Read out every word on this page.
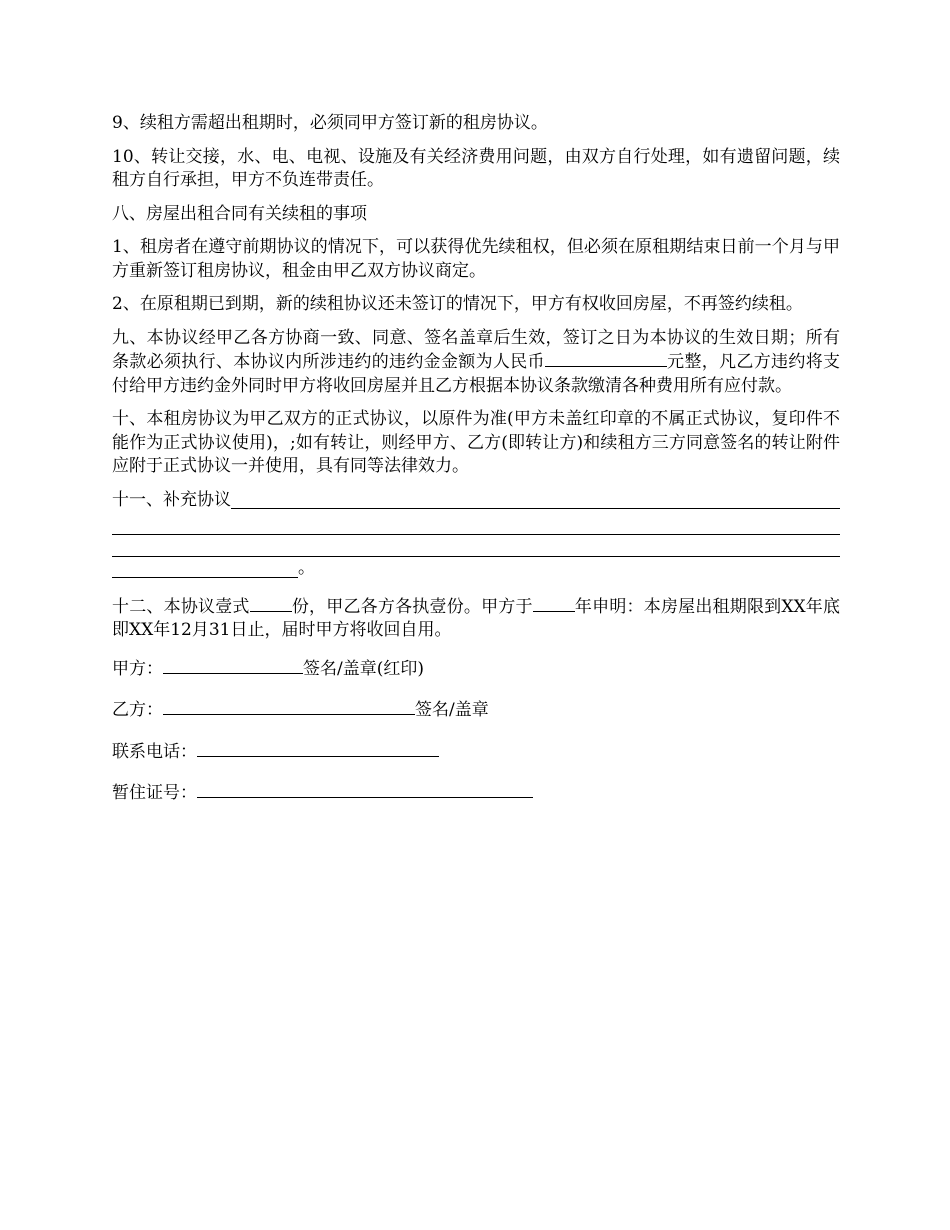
9、续租方需超出租期时，必须同甲方签订新的租房协议。

10、转让交接，水、电、电视、设施及有关经济费用问题，由双方自行处理，如有遗留问题，续租方自行承担，甲方不负连带责任。

八、房屋出租合同有关续租的事项

1、租房者在遵守前期协议的情况下，可以获得优先续租权，但必须在原租期结束日前一个月与甲方重新签订租房协议，租金由甲乙双方协议商定。

2、在原租期已到期，新的续租协议还未签订的情况下，甲方有权收回房屋，不再签约续租。

九、本协议经甲乙各方协商一致、同意、签名盖章后生效，签订之日为本协议的生效日期；所有条款必须执行、本协议内所涉违约的违约金金额为人民币	元整，凡乙方违约将支付给甲方违约金外同时甲方将收回房屋并且乙方根据本协议条款缴清各种费用所有应付款。

十、本租房协议为甲乙双方的正式协议，以原件为准(甲方未盖红印章的不属正式协议，复印件不能作为正式协议使用)，;如有转让，则经甲方、乙方(即转让方)和续租方三方同意签名的转让附件应附于正式协议一并使用，具有同等法律效力。

十一、补充协议
。

十二、本协议壹式 份，甲乙各方各执壹份。甲方于 年申明：本房屋出租期限到XX年底即XX年12月31日止，届时甲方将收回自用。

甲方：	签名/盖章(红印)

乙方：	签名/盖章

联系电话：

暂住证号：
